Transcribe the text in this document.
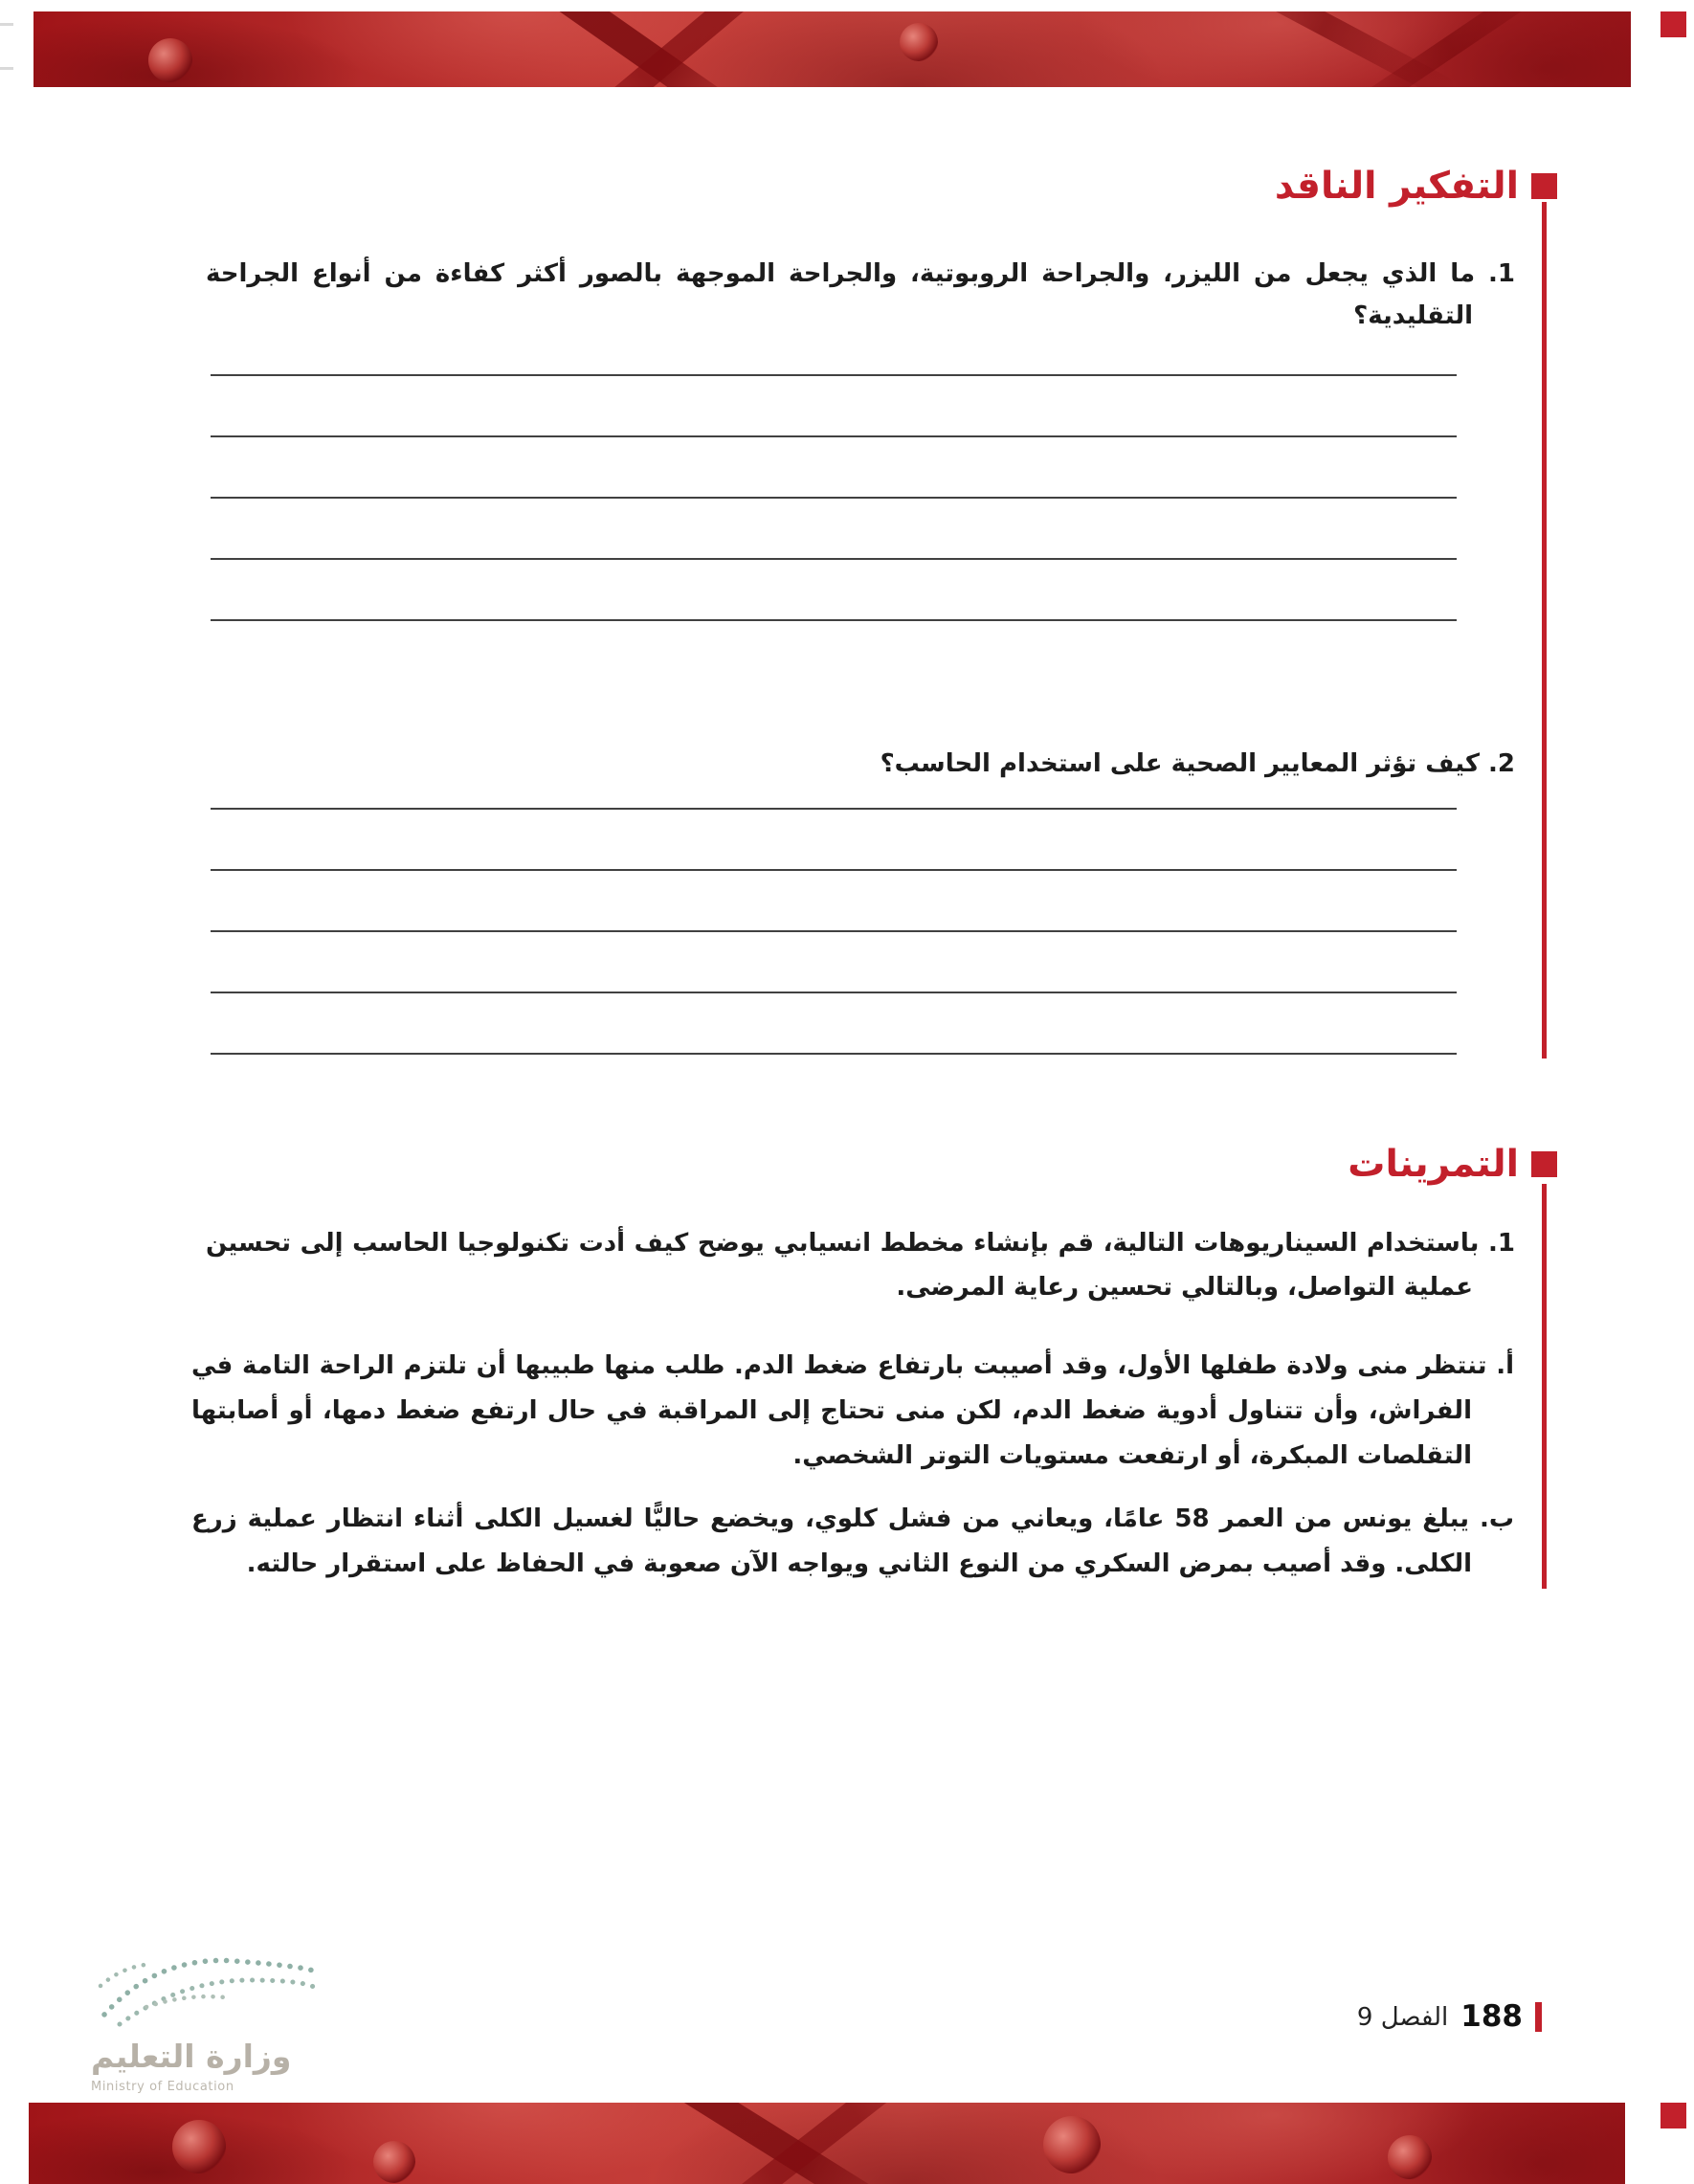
التفكير الناقد

1. ما الذي يجعل من الليزر، والجراحة الروبوتية، والجراحة الموجهة بالصور أكثر كفاءة من أنواع الجراحة التقليدية؟

2. كيف تؤثر المعايير الصحية على استخدام الحاسب؟

التمرينات

1. باستخدام السيناريوهات التالية، قم بإنشاء مخطط انسيابي يوضح كيف أدت تكنولوجيا الحاسب إلى تحسين عملية التواصل، وبالتالي تحسين رعاية المرضى.

أ. تنتظر منى ولادة طفلها الأول، وقد أصيبت بارتفاع ضغط الدم. طلب منها طبيبها أن تلتزم الراحة التامة في الفراش، وأن تتناول أدوية ضغط الدم، لكن منى تحتاج إلى المراقبة في حال ارتفع ضغط دمها، أو أصابتها التقلصات المبكرة، أو ارتفعت مستويات التوتر الشخصي.

ب. يبلغ يونس من العمر 58 عامًا، ويعاني من فشل كلوي، ويخضع حاليًّا لغسيل الكلى أثناء انتظار عملية زرع الكلى. وقد أصيب بمرض السكري من النوع الثاني ويواجه الآن صعوبة في الحفاظ على استقرار حالته.

188
الفصل 9
وزارة التعليم
Ministry of Education
